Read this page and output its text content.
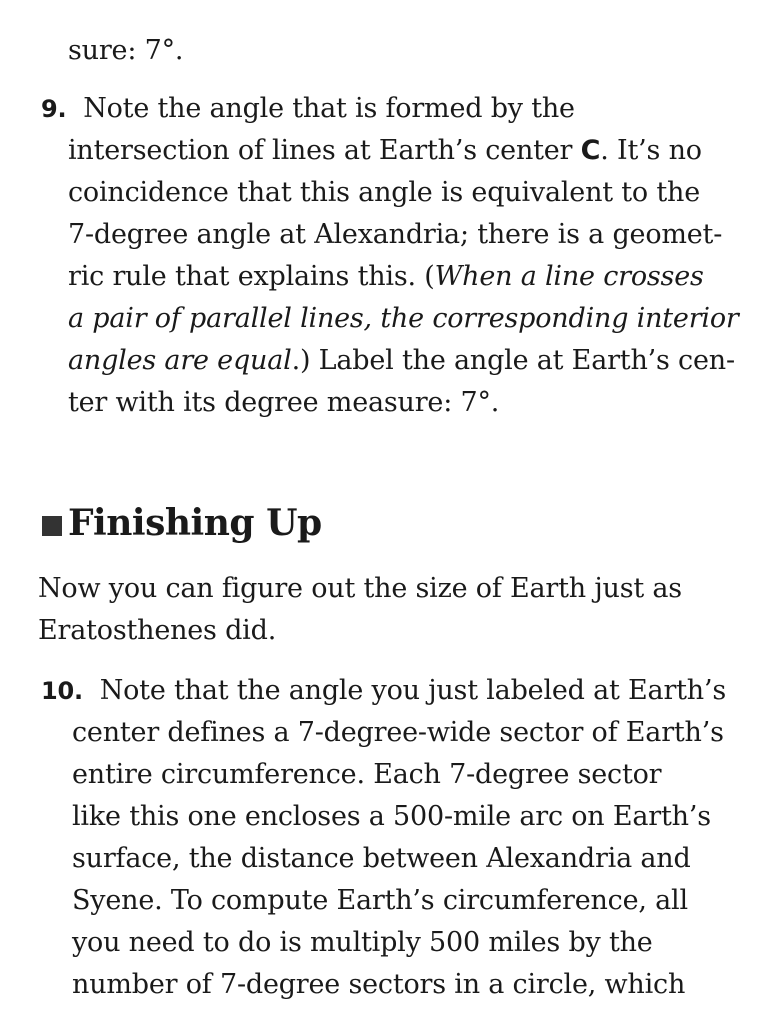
sure: 7°.
9. Note the angle that is formed by the
intersection of lines at Earth’s center C. It’s no
coincidence that this angle is equivalent to the
7-degree angle at Alexandria; there is a geomet-
ric rule that explains this. (When a line crosses
a pair of parallel lines, the corresponding interior
angles are equal.) Label the angle at Earth’s cen-
ter with its degree measure: 7°.
Finishing Up
Now you can figure out the size of Earth just as
Eratosthenes did.
10. Note that the angle you just labeled at Earth’s
center defines a 7-degree-wide sector of Earth’s
entire circumference. Each 7-degree sector
like this one encloses a 500-mile arc on Earth’s
surface, the distance between Alexandria and
Syene. To compute Earth’s circumference, all
you need to do is multiply 500 miles by the
number of 7-degree sectors in a circle, which
